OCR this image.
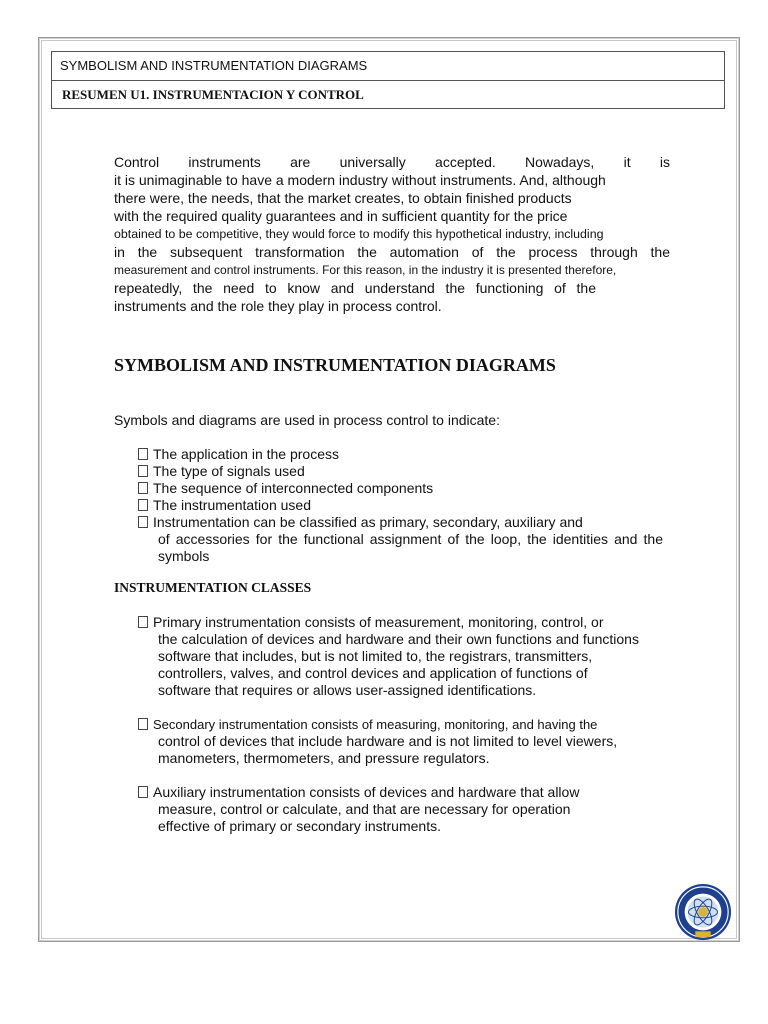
SYMBOLISM AND INSTRUMENTATION DIAGRAMS
RESUMEN U1. INSTRUMENTACION Y CONTROL
Control instruments are universally accepted. Nowadays, it is
it is unimaginable to have a modern industry without instruments. And, although
there were, the needs, that the market creates, to obtain finished products
with the required quality guarantees and in sufficient quantity for the price
obtained to be competitive, they would force to modify this hypothetical industry, including
in the subsequent transformation the automation of the process through the
measurement and control instruments. For this reason, in the industry it is presented therefore,
repeatedly, the need to know and understand the functioning of the
instruments and the role they play in process control.
SYMBOLISM AND INSTRUMENTATION DIAGRAMS
Symbols and diagrams are used in process control to indicate:
The application in the process
The type of signals used
The sequence of interconnected components
The instrumentation used
Instrumentation can be classified as primary, secondary, auxiliary and
of accessories for the functional assignment of the loop, the identities and the
symbols
INSTRUMENTATION CLASSES
Primary instrumentation consists of measurement, monitoring, control, or
the calculation of devices and hardware and their own functions and functions
software that includes, but is not limited to, the registrars, transmitters,
controllers, valves, and control devices and application of functions of
software that requires or allows user-assigned identifications.
Secondary instrumentation consists of measuring, monitoring, and having the
control of devices that include hardware and is not limited to level viewers,
manometers, thermometers, and pressure regulators.
Auxiliary instrumentation consists of devices and hardware that allow
measure, control or calculate, and that are necessary for operation
effective of primary or secondary instruments.
